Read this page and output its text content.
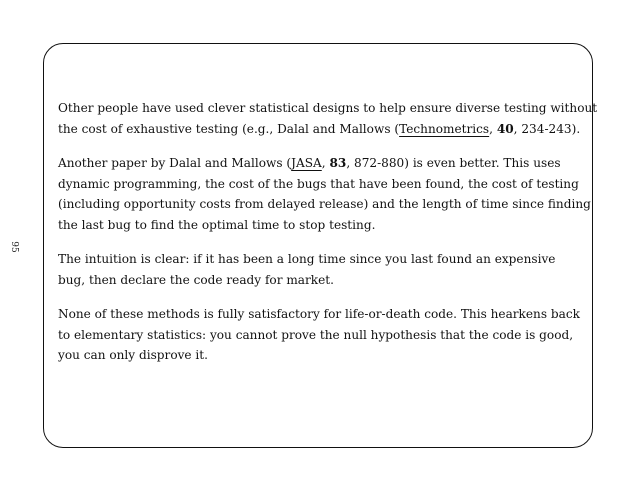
95

Other people have used clever statistical designs to help ensure diverse testing without
the cost of exhaustive testing (e.g., Dalal and Mallows (Technometrics, 40, 234-243).

Another paper by Dalal and Mallows (JASA, 83, 872-880) is even better. This uses
dynamic programming, the cost of the bugs that have been found, the cost of testing
(including opportunity costs from delayed release) and the length of time since finding
the last bug to find the optimal time to stop testing.

The intuition is clear: if it has been a long time since you last found an expensive
bug, then declare the code ready for market.

None of these methods is fully satisfactory for life-or-death code. This hearkens back
to elementary statistics: you cannot prove the null hypothesis that the code is good,
you can only disprove it.
